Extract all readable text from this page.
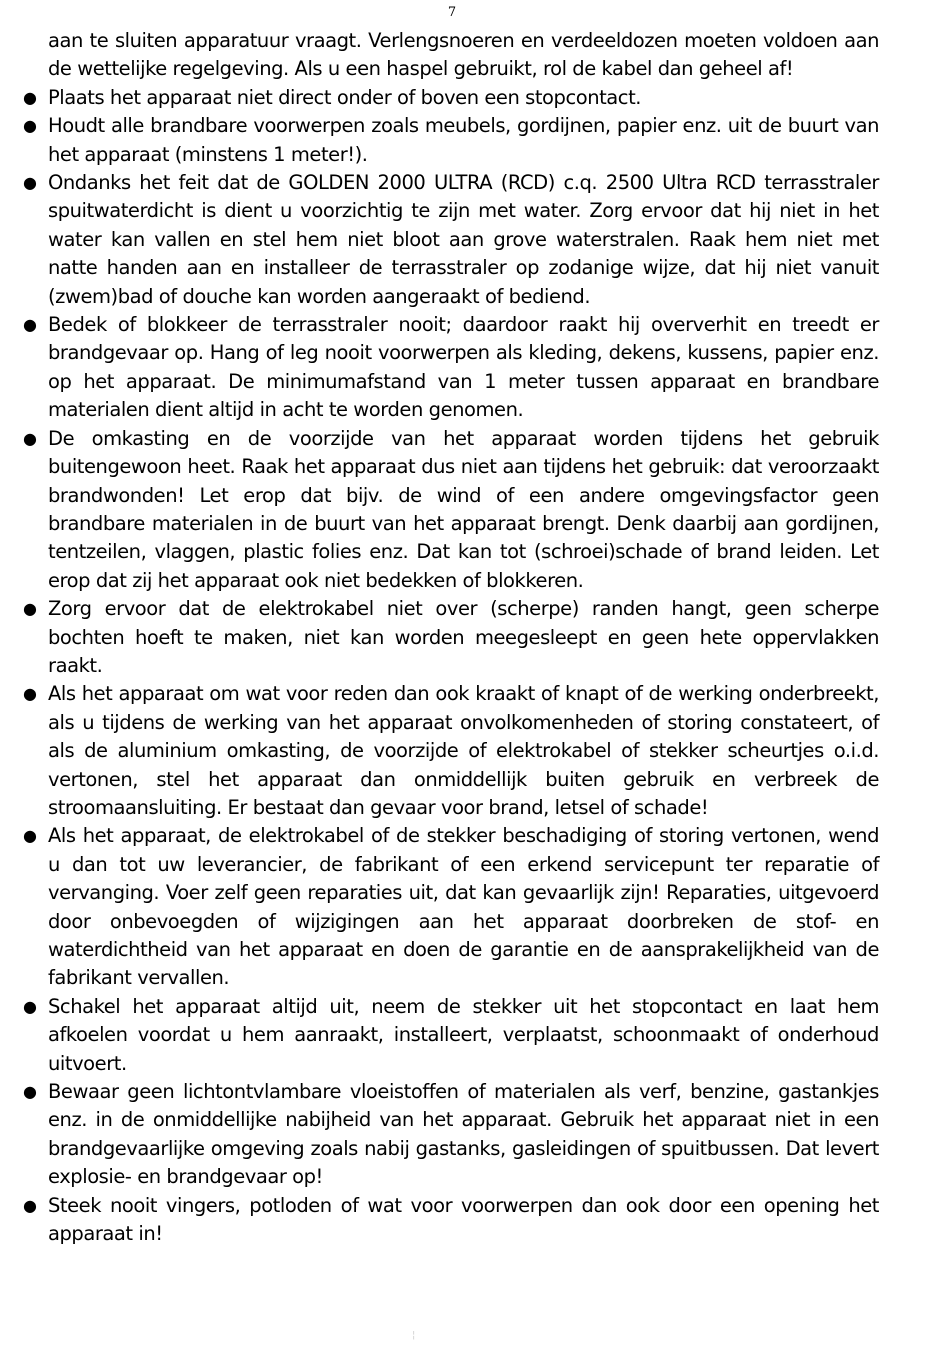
7

aan te sluiten apparatuur vraagt. Verlengsnoeren en verdeeldozen moeten voldoen aan de wettelijke regelgeving. Als u een haspel gebruikt, rol de kabel dan geheel af!

● Plaats het apparaat niet direct onder of boven een stopcontact.
● Houdt alle brandbare voorwerpen zoals meubels, gordijnen, papier enz. uit de buurt van het apparaat (minstens 1 meter!).
● Ondanks het feit dat de GOLDEN 2000 ULTRA (RCD) c.q. 2500 Ultra RCD terrasstraler spuitwaterdicht is dient u voorzichtig te zijn met water. Zorg ervoor dat hij niet in het water kan vallen en stel hem niet bloot aan grove waterstralen. Raak hem niet met natte handen aan en installeer de terrasstraler op zodanige wijze, dat hij niet vanuit (zwem)bad of douche kan worden aangeraakt of bediend.
● Bedek of blokkeer de terrasstraler nooit; daardoor raakt hij oververhit en treedt er brandgevaar op. Hang of leg nooit voorwerpen als kleding, dekens, kussens, papier enz. op het apparaat. De minimumafstand van 1 meter tussen apparaat en brandbare materialen dient altijd in acht te worden genomen.
● De omkasting en de voorzijde van het apparaat worden tijdens het gebruik buitengewoon heet. Raak het apparaat dus niet aan tijdens het gebruik: dat veroorzaakt brandwonden! Let erop dat bijv. de wind of een andere omgevingsfactor geen brandbare materialen in de buurt van het apparaat brengt. Denk daarbij aan gordijnen, tentzeilen, vlaggen, plastic folies enz. Dat kan tot (schroei)schade of brand leiden. Let erop dat zij het apparaat ook niet bedekken of blokkeren.
● Zorg ervoor dat de elektrokabel niet over (scherpe) randen hangt, geen scherpe bochten hoeft te maken, niet kan worden meegesleept en geen hete oppervlakken raakt.
● Als het apparaat om wat voor reden dan ook kraakt of knapt of de werking onderbreekt, als u tijdens de werking van het apparaat onvolkomenheden of storing constateert, of als de aluminium omkasting, de voorzijde of elektrokabel of stekker scheurtjes o.i.d. vertonen, stel het apparaat dan onmiddellijk buiten gebruik en verbreek de stroomaansluiting. Er bestaat dan gevaar voor brand, letsel of schade!
● Als het apparaat, de elektrokabel of de stekker beschadiging of storing vertonen, wend u dan tot uw leverancier, de fabrikant of een erkend servicepunt ter reparatie of vervanging. Voer zelf geen reparaties uit, dat kan gevaarlijk zijn! Reparaties, uitgevoerd door onbevoegden of wijzigingen aan het apparaat doorbreken de stof- en waterdichtheid van het apparaat en doen de garantie en de aansprakelijkheid van de fabrikant vervallen.
● Schakel het apparaat altijd uit, neem de stekker uit het stopcontact en laat hem afkoelen voordat u hem aanraakt, installeert, verplaatst, schoonmaakt of onderhoud uitvoert.
● Bewaar geen lichtontvlambare vloeistoffen of materialen als verf, benzine, gastankjes enz. in de onmiddellijke nabijheid van het apparaat. Gebruik het apparaat niet in een brandgevaarlijke omgeving zoals nabij gastanks, gasleidingen of spuitbussen. Dat levert explosie- en brandgevaar op!
● Steek nooit vingers, potloden of wat voor voorwerpen dan ook door een opening het apparaat in!
¦
